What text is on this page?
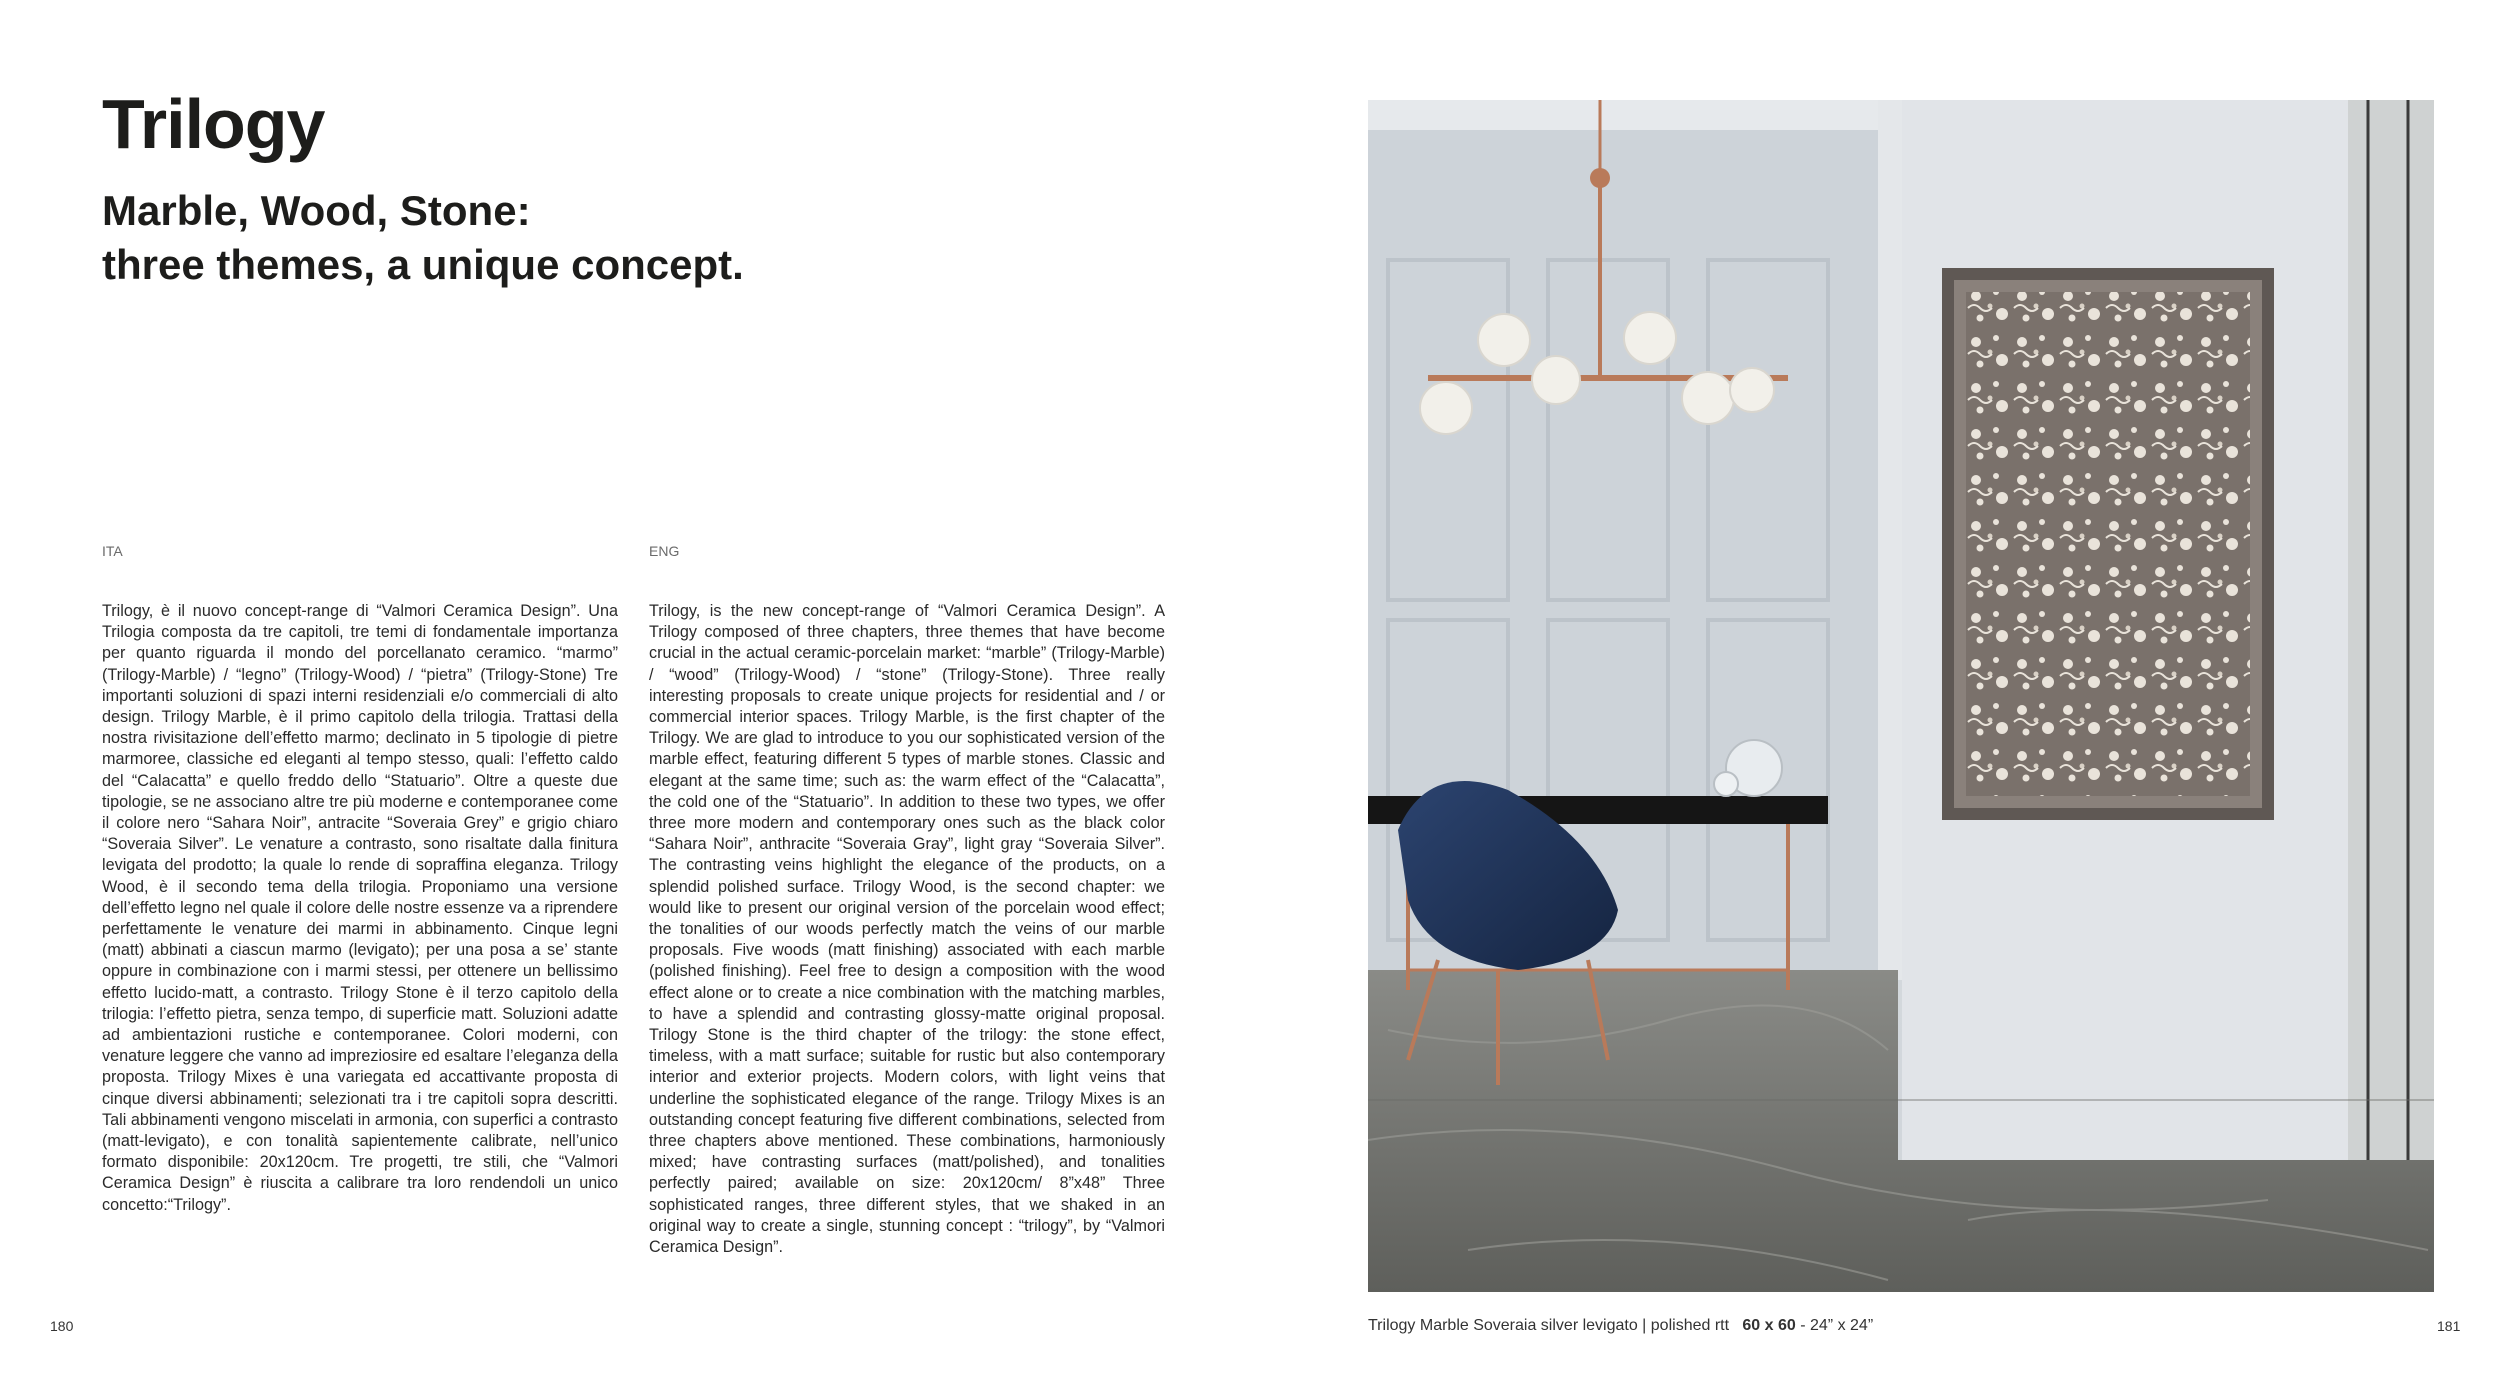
Trilogy
Marble, Wood, Stone:
three themes, a unique concept.
ITA

Trilogy, è il nuovo concept-range di “Valmori Ceramica Design”. Una Trilogia composta da tre capitoli, tre temi di fondamentale importanza per quanto riguarda il mondo del porcellanato ceramico. “marmo” (Trilogy-Marble) / “legno” (Trilogy-Wood) / “pietra” (Trilogy-Stone) Tre importanti soluzioni di spazi interni residenziali e/o commerciali di alto design. Trilogy Marble, è il primo capitolo della trilogia. Trattasi della nostra rivisitazione dell’effetto marmo; declinato in 5 tipologie di pietre marmoree, classiche ed eleganti al tempo stesso, quali: l’effetto caldo del “Calacatta” e quello freddo dello “Statuario”. Oltre a queste due tipologie, se ne associano altre tre più moderne e contemporanee come il colore nero “Sahara Noir”, antracite “Soveraia Grey” e grigio chiaro “Soveraia Silver”. Le venature a contrasto, sono risaltate dalla finitura levigata del prodotto; la quale lo rende di sopraffina eleganza. Trilogy Wood, è il secondo tema della trilogia. Proponiamo una versione dell’effetto legno nel quale il colore delle nostre essenze va a riprendere perfettamente le venature dei marmi in abbinamento. Cinque legni (matt) abbinati a ciascun marmo (levigato); per una posa a se’ stante oppure in combinazione con i marmi stessi, per ottenere un bellissimo effetto lucido-matt, a contrasto. Trilogy Stone è il terzo capitolo della trilogia: l’effetto pietra, senza tempo, di superficie matt. Soluzioni adatte ad ambientazioni rustiche e contemporanee. Colori moderni, con venature leggere che vanno ad impreziosire ed esaltare l’eleganza della proposta. Trilogy Mixes è una variegata ed accattivante proposta di cinque diversi abbinamenti; selezionati tra i tre capitoli sopra descritti. Tali abbinamenti vengono miscelati in armonia, con superfici a contrasto (matt-levigato), e con tonalità sapientemente calibrate, nell’unico formato disponibile: 20x120cm. Tre progetti, tre stili, che “Valmori Ceramica Design” è riuscita a calibrare tra loro rendendoli un unico concetto:“Trilogy”.

ENG

Trilogy, is the new concept-range of “Valmori Ceramica Design”. A Trilogy composed of three chapters, three themes that have become crucial in the actual ceramic-porcelain market: “marble” (Trilogy-Marble) / “wood” (Trilogy-Wood) / “stone” (Trilogy-Stone). Three really interesting proposals to create unique projects for residential and / or commercial interior spaces. Trilogy Marble, is the first chapter of the Trilogy. We are glad to introduce to you our sophisticated version of the marble effect, featuring different 5 types of marble stones. Classic and elegant at the same time; such as: the warm effect of the “Calacatta”, the cold one of the “Statuario”. In addition to these two types, we offer three more modern and contemporary ones such as the black color “Sahara Noir”, anthracite “Soveraia Gray”, light gray “Soveraia Silver”. The contrasting veins highlight the elegance of the products, on a splendid polished surface. Trilogy Wood, is the second chapter: we would like to present our original version of the porcelain wood effect; the tonalities of our woods perfectly match the veins of our marble proposals. Five woods (matt finishing) associated with each marble (polished finishing). Feel free to design a composition with the wood effect alone or to create a nice combination with the matching marbles, to have a splendid and contrasting glossy-matte original proposal. Trilogy Stone is the third chapter of the trilogy: the stone effect, timeless, with a matt surface; suitable for rustic but also contemporary interior and exterior projects. Modern colors, with light veins that underline the sophisticated elegance of the range. Trilogy Mixes is an outstanding concept featuring five different combinations, selected from three chapters above mentioned. These combinations, harmoniously mixed; have contrasting surfaces (matt/polished), and tonalities perfectly paired; available on size: 20x120cm/ 8”x48” Three sophisticated ranges, three different styles, that we shaked in an original way to create a single, stunning concept : “trilogy”, by “Valmori Ceramica Design”.

Trilogy Marble Soveraia silver levigato | polished rtt 60 x 60 - 24” x 24”
180	181
